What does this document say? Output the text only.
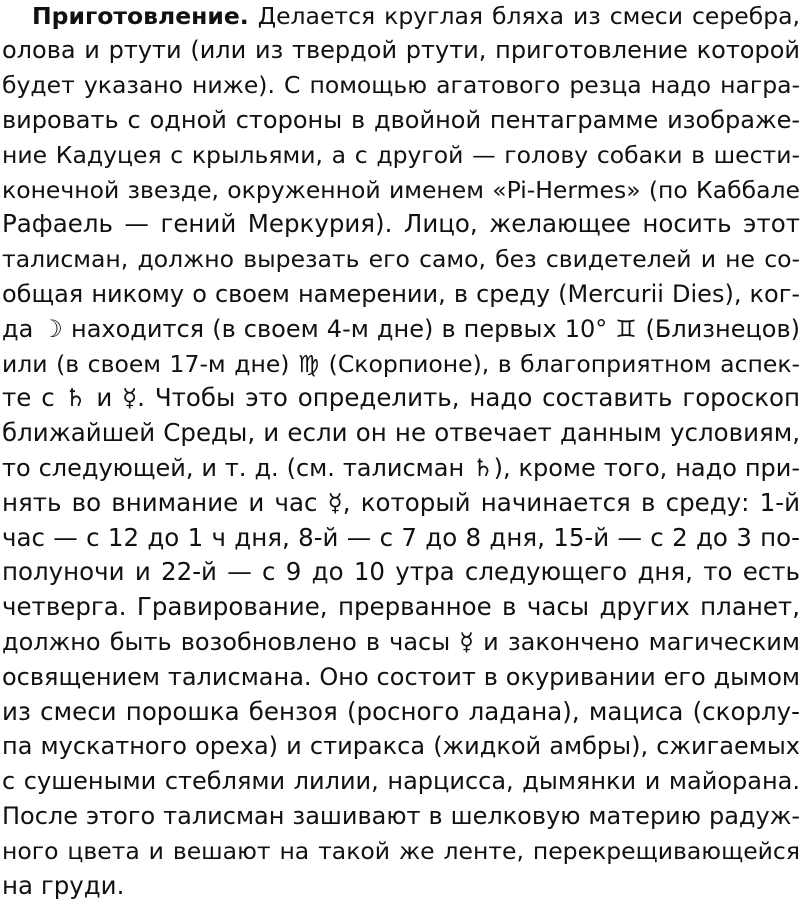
Приготовление. Делается круглая бляха из смеси серебра,
олова и ртути (или из твердой ртути, приготовление которой
будет указано ниже). С помощью агатового резца надо награ-
вировать с одной стороны в двойной пентаграмме изображе-
ние Кадуцея с крыльями, а с другой — голову собаки в шести-
конечной звезде, окруженной именем «Pi-Hermes» (по Каббале
Рафаель — гений Меркурия). Лицо, желающее носить этот
талисман, должно вырезать его само, без свидетелей и не со-
общая никому о своем намерении, в среду (Mercurii Dies), ког-
да ☽ находится (в своем 4-м дне) в первых 10° ♊ (Близнецов)
или (в своем 17-м дне) ♍ (Скорпионе), в благоприятном аспек-
те с ♄ и ☿. Чтобы это определить, надо составить гороскоп
ближайшей Среды, и если он не отвечает данным условиям,
то следующей, и т. д. (см. талисман ♄), кроме того, надо при-
нять во внимание и час ☿, который начинается в среду: 1-й
час — с 12 до 1 ч дня, 8-й — с 7 до 8 дня, 15-й — с 2 до 3 по-
полуночи и 22-й — с 9 до 10 утра следующего дня, то есть
четверга. Гравирование, прерванное в часы других планет,
должно быть возобновлено в часы ☿ и закончено магическим
освящением талисмана. Оно состоит в окуривании его дымом
из смеси порошка бензоя (росного ладана), мациса (скорлу-
па мускатного ореха) и стиракса (жидкой амбры), сжигаемых
с сушеными стеблями лилии, нарцисса, дымянки и майорана.
После этого талисман зашивают в шелковую материю радуж-
ного цвета и вешают на такой же ленте, перекрещивающейся
на груди.
